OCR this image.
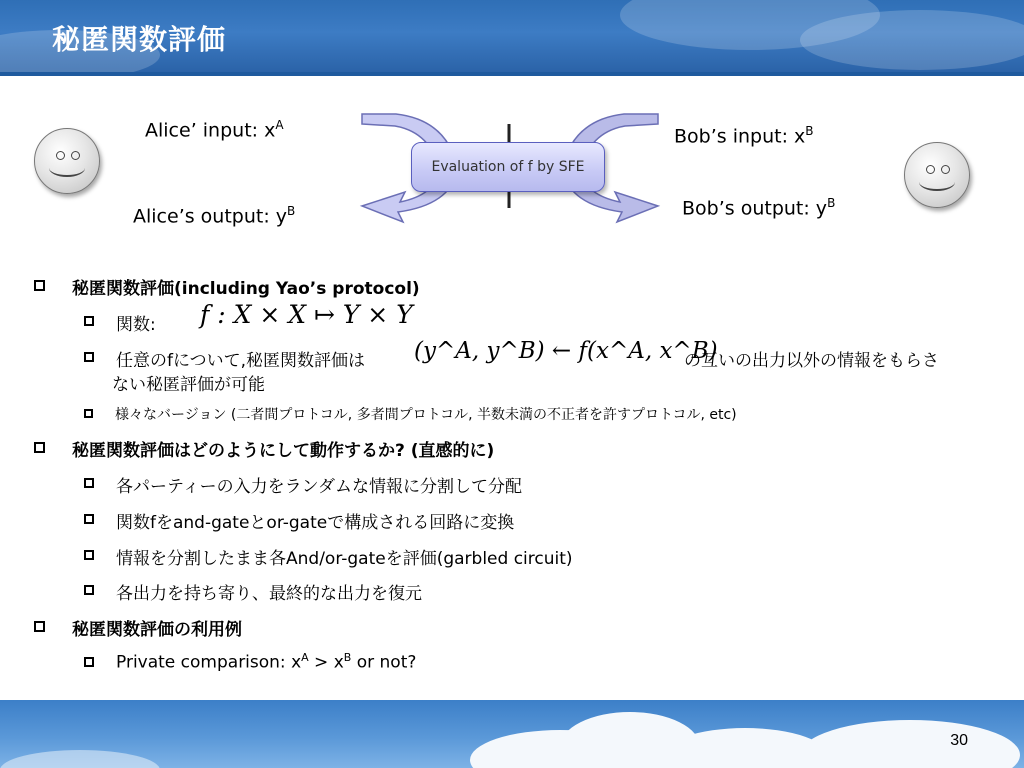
秘匿関数評価
Evaluation of f by SFE
Alice’ input: $x^A$
Alice’s output: $y^B$
Bob’s input: $x^B$
Bob’s output: $y^B$
秘匿関数評価(including Yao’s protocol)
関数: f : X × X ↦ Y × Y
任意のfについて,秘匿関数評価は (y^A, y^B) ← f(x^A, x^B)
の互いの出力以外の情報をもらさ
ない秘匿評価が可能
様々なバージョン (二者間プロトコル, 多者間プロトコル, 半数未満の不正者を許すプロトコル, etc)
秘匿関数評価はどのようにして動作するか? (直感的に)
各パーティーの入力をランダムな情報に分割して分配
関数fをand-gateとor-gateで構成される回路に変換
情報を分割したまま各And/or-gateを評価(garbled circuit)
各出力を持ち寄り、最終的な出力を復元
秘匿関数評価の利用例
Private comparison: $x^A > x^B$ or not?
30
